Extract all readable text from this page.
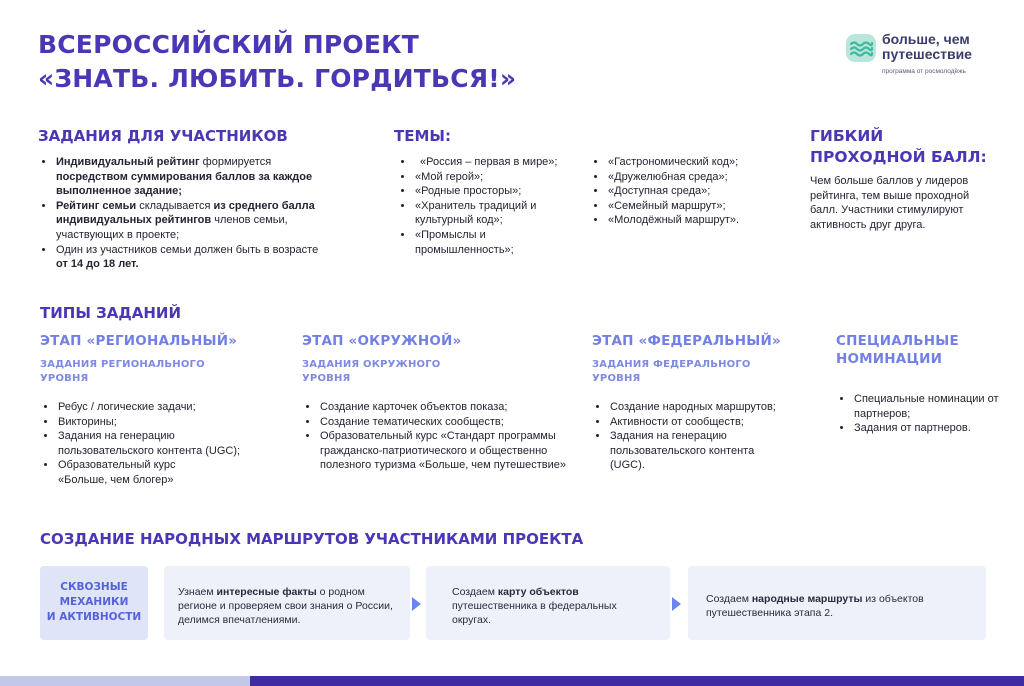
ВСЕРОССИЙСКИЙ ПРОЕКТ
«ЗНАТЬ. ЛЮБИТЬ. ГОРДИТЬСЯ!»
больше, чем
путешествие
программа от росмолодёжь
ЗАДАНИЯ ДЛЯ УЧАСТНИКОВ
• Индивидуальный рейтинг формируется посредством суммирования баллов за каждое выполненное задание;
• Рейтинг семьи складывается из среднего балла индивидуальных рейтингов членов семьи, участвующих в проекте;
• Один из участников семьи должен быть в возрасте от 14 до 18 лет.
ТЕМЫ:
• «Россия – первая в мире»;
• «Мой герой»;
• «Родные просторы»;
• «Хранитель традиций и культурный код»;
• «Промыслы и промышленность»;
• «Гастрономический код»;
• «Дружелюбная среда»;
• «Доступная среда»;
• «Семейный маршрут»;
• «Молодёжный маршрут».
ГИБКИЙ
ПРОХОДНОЙ БАЛЛ:

Чем больше баллов у лидеров рейтинга, тем выше проходной балл. Участники стимулируют активность друг друга.

ТИПЫ ЗАДАНИЙ
ЭТАП «РЕГИОНАЛЬНЫЙ»
ЗАДАНИЯ РЕГИОНАЛЬНОГО УРОВНЯ
• Ребус / логические задачи;
• Викторины;
• Задания на генерацию пользовательского контента (UGC);
• Образовательный курс «Больше, чем блогер»
ЭТАП «ОКРУЖНОЙ»
ЗАДАНИЯ ОКРУЖНОГО УРОВНЯ
• Создание карточек объектов показа;
• Создание тематических сообществ;
• Образовательный курс «Стандарт программы гражданско-патриотического и общественно полезного туризма «Больше, чем путешествие»
ЭТАП «ФЕДЕРАЛЬНЫЙ»
ЗАДАНИЯ ФЕДЕРАЛЬНОГО УРОВНЯ
• Создание народных маршрутов;
• Активности от сообществ;
• Задания на генерацию пользовательского контента (UGC).
СПЕЦИАЛЬНЫЕ
НОМИНАЦИИ
• Специальные номинации от партнеров;
• Задания от партнеров.
СОЗДАНИЕ НАРОДНЫХ МАРШРУТОВ УЧАСТНИКАМИ ПРОЕКТА
СКВОЗНЫЕ
МЕХАНИКИ
И АКТИВНОСТИ
Узнаем интересные факты о родном регионе и проверяем свои знания о России, делимся впечатлениями.
Создаем карту объектов путешественника в федеральных округах.
Создаем народные маршруты из объектов путешественника этапа 2.
